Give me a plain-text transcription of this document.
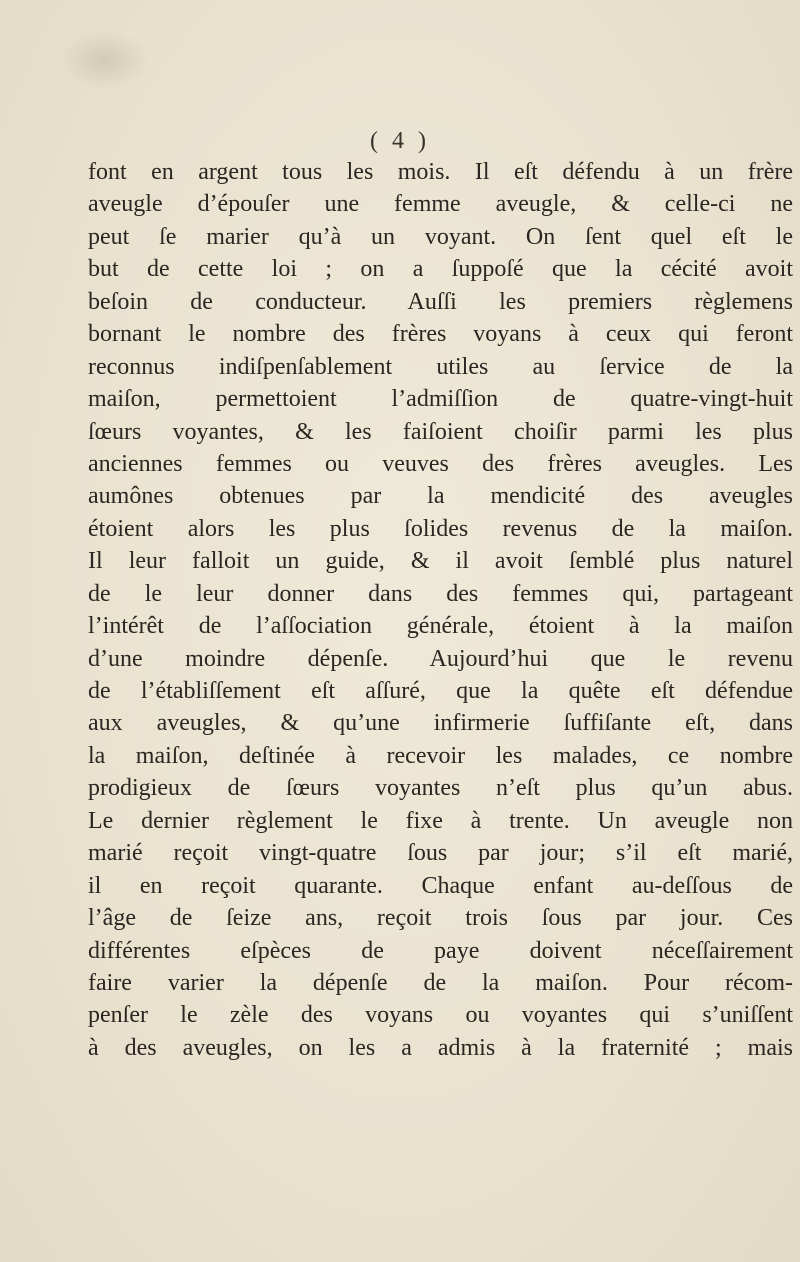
( 4 )
font en argent tous les mois. Il eſt défendu à un frère
aveugle d’épouſer une femme aveugle, & celle-ci ne
peut ſe marier qu’à un voyant. On ſent quel eſt le
but de cette loi ; on a ſuppoſé que la cécité avoit
beſoin de conducteur. Auſſi les premiers règlemens
bornant le nombre des frères voyans à ceux qui feront
reconnus indiſpenſablement utiles au ſervice de la
maiſon, permettoient l’admiſſion de quatre-vingt-huit
ſœurs voyantes, & les faiſoient choiſir parmi les plus
anciennes femmes ou veuves des frères aveugles. Les
aumônes obtenues par la mendicité des aveugles
étoient alors les plus ſolides revenus de la maiſon.
Il leur falloit un guide, & il avoit ſemblé plus naturel
de le leur donner dans des femmes qui, partageant
l’intérêt de l’aſſociation générale, étoient à la maiſon
d’une moindre dépenſe. Aujourd’hui que le revenu
de l’établiſſement eſt aſſuré, que la quête eſt défendue
aux aveugles, & qu’une infirmerie ſuffiſante eſt, dans
la maiſon, deſtinée à recevoir les malades, ce nombre
prodigieux de ſœurs voyantes n’eſt plus qu’un abus.
Le dernier règlement le fixe à trente. Un aveugle non
marié reçoit vingt-quatre ſous par jour; s’il eſt marié,
il en reçoit quarante. Chaque enfant au-deſſous de
l’âge de ſeize ans, reçoit trois ſous par jour. Ces
différentes eſpèces de paye doivent néceſſairement
faire varier la dépenſe de la maiſon. Pour récom-
penſer le zèle des voyans ou voyantes qui s’uniſſent
à des aveugles, on les a admis à la fraternité ; mais
